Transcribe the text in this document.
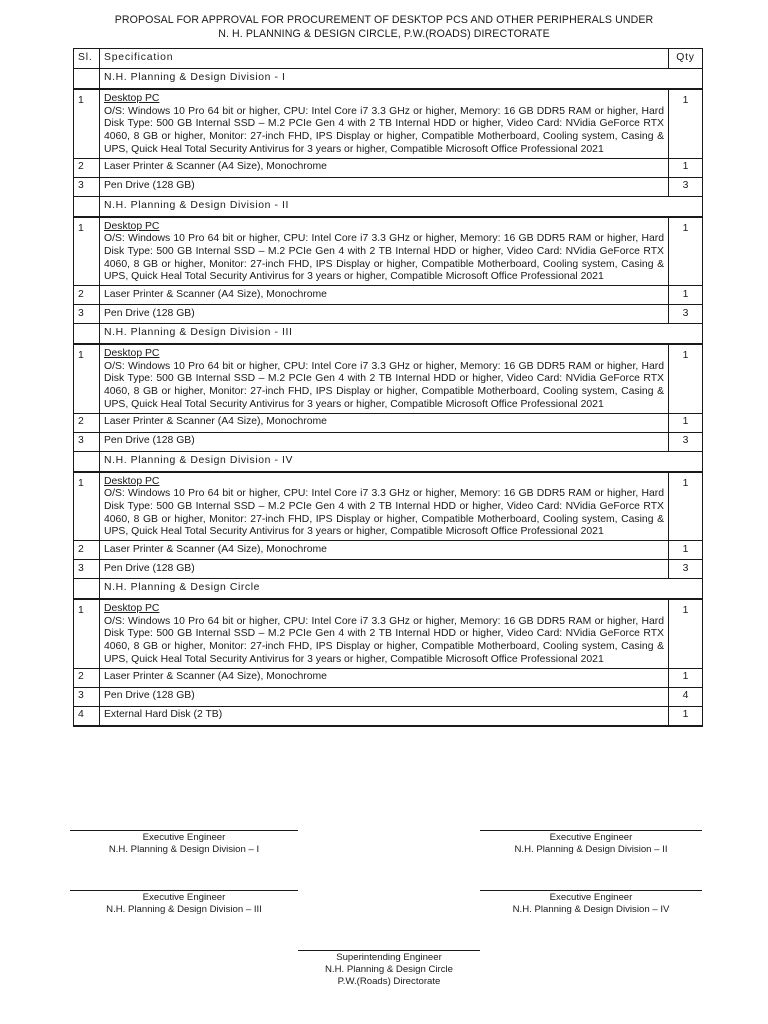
PROPOSAL FOR APPROVAL FOR PROCUREMENT OF DESKTOP PCS AND OTHER PERIPHERALS UNDER
N. H. PLANNING & DESIGN CIRCLE, P.W.(ROADS) DIRECTORATE
Sl.	Specification	Qty
	N.H. Planning & Design Division - I	
1	Desktop PC
O/S: Windows 10 Pro 64 bit or higher, CPU: Intel Core i7 3.3 GHz or higher, Memory: 16 GB DDR5 RAM or higher, Hard Disk Type: 500 GB Internal SSD – M.2 PCIe Gen 4 with 2 TB Internal HDD or higher, Video Card: NVidia GeForce RTX 4060, 8 GB or higher, Monitor: 27-inch FHD, IPS Display or higher, Compatible Motherboard, Cooling system, Casing & UPS, Quick Heal Total Security Antivirus for 3 years or higher, Compatible Microsoft Office Professional 2021	1
2	Laser Printer & Scanner (A4 Size), Monochrome	1
3	Pen Drive (128 GB)	3
	N.H. Planning & Design Division - II	
1	Desktop PC
O/S: Windows 10 Pro 64 bit or higher, CPU: Intel Core i7 3.3 GHz or higher, Memory: 16 GB DDR5 RAM or higher, Hard Disk Type: 500 GB Internal SSD – M.2 PCIe Gen 4 with 2 TB Internal HDD or higher, Video Card: NVidia GeForce RTX 4060, 8 GB or higher, Monitor: 27-inch FHD, IPS Display or higher, Compatible Motherboard, Cooling system, Casing & UPS, Quick Heal Total Security Antivirus for 3 years or higher, Compatible Microsoft Office Professional 2021	1
2	Laser Printer & Scanner (A4 Size), Monochrome	1
3	Pen Drive (128 GB)	3
	N.H. Planning & Design Division - III	
1	Desktop PC
O/S: Windows 10 Pro 64 bit or higher, CPU: Intel Core i7 3.3 GHz or higher, Memory: 16 GB DDR5 RAM or higher, Hard Disk Type: 500 GB Internal SSD – M.2 PCIe Gen 4 with 2 TB Internal HDD or higher, Video Card: NVidia GeForce RTX 4060, 8 GB or higher, Monitor: 27-inch FHD, IPS Display or higher, Compatible Motherboard, Cooling system, Casing & UPS, Quick Heal Total Security Antivirus for 3 years or higher, Compatible Microsoft Office Professional 2021	1
2	Laser Printer & Scanner (A4 Size), Monochrome	1
3	Pen Drive (128 GB)	3
	N.H. Planning & Design Division - IV	
1	Desktop PC
O/S: Windows 10 Pro 64 bit or higher, CPU: Intel Core i7 3.3 GHz or higher, Memory: 16 GB DDR5 RAM or higher, Hard Disk Type: 500 GB Internal SSD – M.2 PCIe Gen 4 with 2 TB Internal HDD or higher, Video Card: NVidia GeForce RTX 4060, 8 GB or higher, Monitor: 27-inch FHD, IPS Display or higher, Compatible Motherboard, Cooling system, Casing & UPS, Quick Heal Total Security Antivirus for 3 years or higher, Compatible Microsoft Office Professional 2021	1
2	Laser Printer & Scanner (A4 Size), Monochrome	1
3	Pen Drive (128 GB)	3
	N.H. Planning & Design Circle	
1	Desktop PC
O/S: Windows 10 Pro 64 bit or higher, CPU: Intel Core i7 3.3 GHz or higher, Memory: 16 GB DDR5 RAM or higher, Hard Disk Type: 500 GB Internal SSD – M.2 PCIe Gen 4 with 2 TB Internal HDD or higher, Video Card: NVidia GeForce RTX 4060, 8 GB or higher, Monitor: 27-inch FHD, IPS Display or higher, Compatible Motherboard, Cooling system, Casing & UPS, Quick Heal Total Security Antivirus for 3 years or higher, Compatible Microsoft Office Professional 2021	1
2	Laser Printer & Scanner (A4 Size), Monochrome	1
3	Pen Drive (128 GB)	4
4	External Hard Disk (2 TB)	1
Executive Engineer
N.H. Planning & Design Division – I
Executive Engineer
N.H. Planning & Design Division – II
Executive Engineer
N.H. Planning & Design Division – III
Executive Engineer
N.H. Planning & Design Division – IV
Superintending Engineer
N.H. Planning & Design Circle
P.W.(Roads) Directorate
